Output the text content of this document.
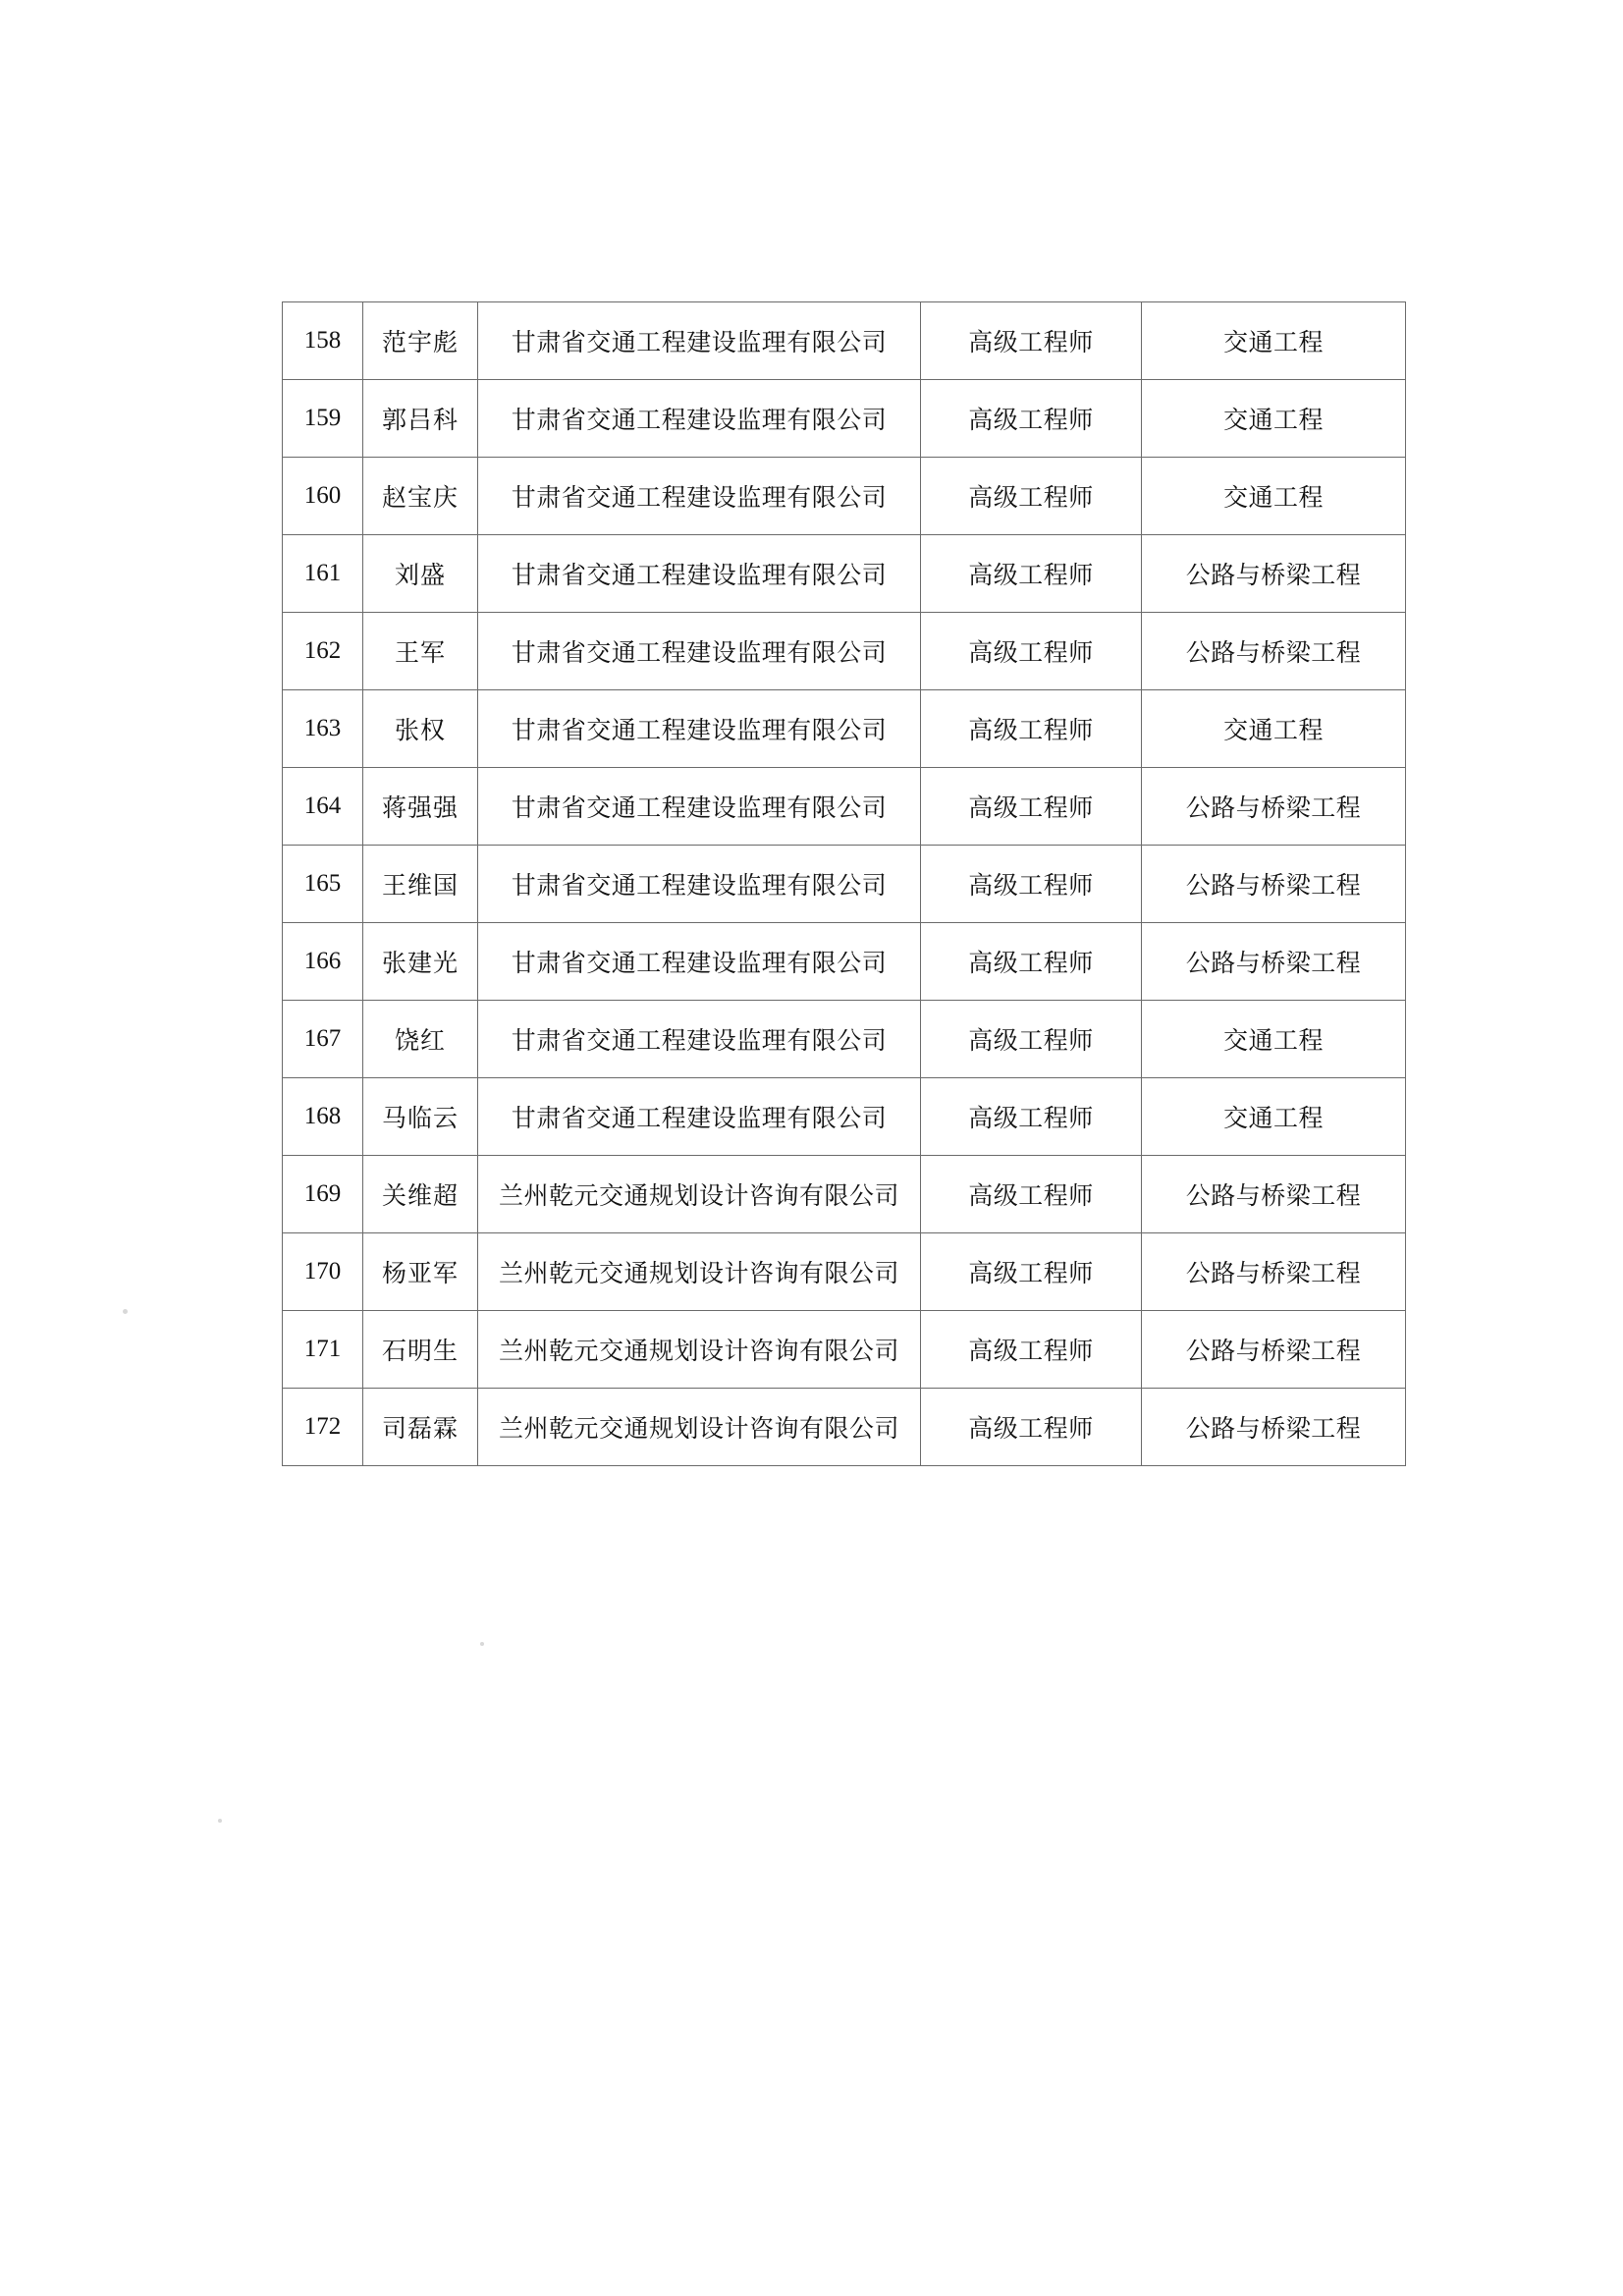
158	范宇彪	甘肃省交通工程建设监理有限公司	高级工程师	交通工程
159	郭吕科	甘肃省交通工程建设监理有限公司	高级工程师	交通工程
160	赵宝庆	甘肃省交通工程建设监理有限公司	高级工程师	交通工程
161	刘盛	甘肃省交通工程建设监理有限公司	高级工程师	公路与桥梁工程
162	王军	甘肃省交通工程建设监理有限公司	高级工程师	公路与桥梁工程
163	张权	甘肃省交通工程建设监理有限公司	高级工程师	交通工程
164	蒋强强	甘肃省交通工程建设监理有限公司	高级工程师	公路与桥梁工程
165	王维国	甘肃省交通工程建设监理有限公司	高级工程师	公路与桥梁工程
166	张建光	甘肃省交通工程建设监理有限公司	高级工程师	公路与桥梁工程
167	饶红	甘肃省交通工程建设监理有限公司	高级工程师	交通工程
168	马临云	甘肃省交通工程建设监理有限公司	高级工程师	交通工程
169	关维超	兰州乾元交通规划设计咨询有限公司	高级工程师	公路与桥梁工程
170	杨亚军	兰州乾元交通规划设计咨询有限公司	高级工程师	公路与桥梁工程
171	石明生	兰州乾元交通规划设计咨询有限公司	高级工程师	公路与桥梁工程
172	司磊霖	兰州乾元交通规划设计咨询有限公司	高级工程师	公路与桥梁工程
